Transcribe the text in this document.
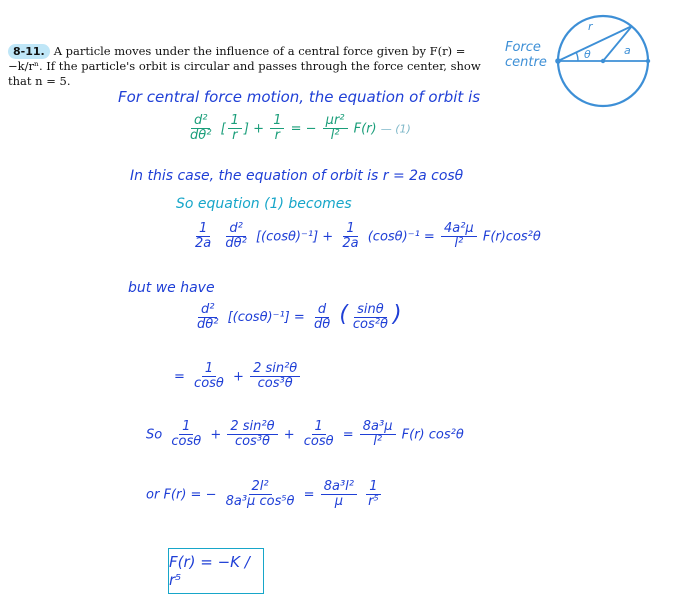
8-11. A particle moves under the influence of a central force given by F(r) = −k/rⁿ. If the particle's orbit is circular and passes through the force center, show that n = 5.
Force
centre
r
θ	a
For central force motion, the equation of orbit is
$\frac{\text{d²}}{\text{dθ²}}$ [ $\frac{1}{r}$ ] + $\frac{1}{r}$ = − $\frac{\text{μr²}}{\text{l²}} F(r)$ — (1)
In this case, the equation of orbit is r = 2a cosθ
So equation (1) becomes
$\frac{1}{2a}$
$\frac{\text{d²}}{\text{dθ²}} [(\cos\theta)^{-1}] + \frac{1}{2a} (\cos\theta)^{-1} = \frac{\text{4a²μ}}{\text{l²}} F(r)\cos^2\theta$
but we have
$\frac{\text{d²}}{\text{dθ²}} [(\cos\theta)^{-1}] = \frac{d}{d\theta}$ ( $\frac{\sin\theta}{\text{cos²θ}}$ )
= $\frac{1}{\cos\theta} + \frac{\text{2 sin²θ}}{\text{cos³θ}}$
So $\frac{1}{\cos\theta} + \frac{\text{2 sin²θ}}{\text{cos³θ}} + \frac{1}{\cos\theta} = \frac{\text{8a³μ}}{\text{l²}} F(r)$ cos²θ
or F(r) = − $\frac{\text{2l²}}{\text{8a³μ cos⁵θ}} = \frac{\text{8a³l²}}{\mu}$
$\frac{1}{\text{r⁵}}$
F(r) = −K / r⁵
